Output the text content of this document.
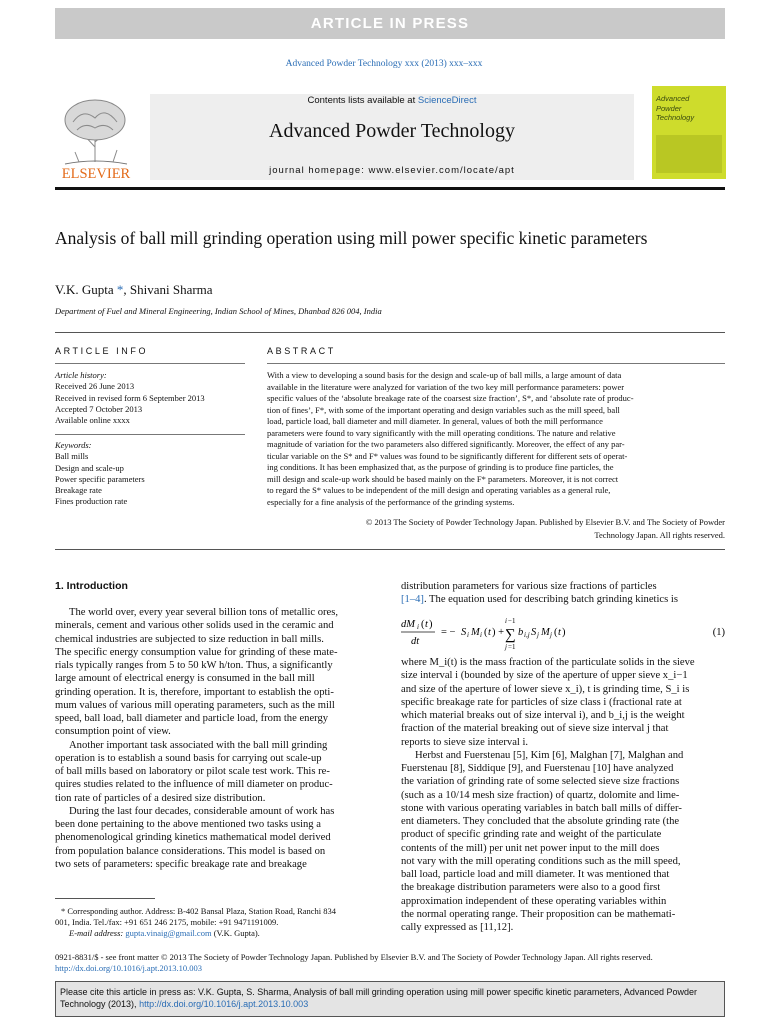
ARTICLE IN PRESS
Advanced Powder Technology xxx (2013) xxx–xxx
ELSEVIER
Contents lists available at ScienceDirect
Advanced Powder Technology
journal homepage: www.elsevier.com/locate/apt
Advanced Powder Technology
Analysis of ball mill grinding operation using mill power specific kinetic parameters
V.K. Gupta *, Shivani Sharma
Department of Fuel and Mineral Engineering, Indian School of Mines, Dhanbad 826 004, India
ARTICLE INFO	ABSTRACT
Article history:
Received 26 June 2013
Received in revised form 6 September 2013
Accepted 7 October 2013
Available online xxxx
Keywords:
Ball mills
Design and scale-up
Power specific parameters
Breakage rate
Fines production rate
With a view to developing a sound basis for the design and scale-up of ball mills, a large amount of data
available in the literature were analyzed for variation of the two key mill performance parameters: power
specific values of the ‘absolute breakage rate of the coarsest size fraction’, S*, and ‘absolute rate of produc-
tion of fines’, F*, with some of the important operating and design variables such as the mill speed, ball
load, particle load, ball diameter and mill diameter. In general, values of both the mill performance
parameters were found to vary significantly with the mill operating conditions. The nature and relative
magnitude of variation for the two parameters also differed significantly. Moreover, the effect of any par-
ticular variable on the S* and F* values was found to be significantly different for different sets of operat-
ing conditions. It has been emphasized that, as the purpose of grinding is to produce fine particles, the
mill design and scale-up work should be based mainly on the F* parameters. Moreover, it is not correct
to regard the S* values to be independent of the mill design and operating variables as a general rule,
especially for a fine analysis of the performance of the grinding systems.
© 2013 The Society of Powder Technology Japan. Published by Elsevier B.V. and The Society of Powder
Technology Japan. All rights reserved.
1. Introduction
The world over, every year several billion tons of metallic ores,
minerals, cement and various other solids used in the ceramic and
chemical industries are subjected to size reduction in ball mills.
The specific energy consumption value for grinding of these mate-
rials typically ranges from 5 to 50 kW h/ton. Thus, a significantly
large amount of electrical energy is consumed in the ball mill
grinding operation. It is, therefore, important to establish the opti-
mum values of various mill operating parameters, such as the mill
speed, ball load, ball diameter and particle load, from the energy
consumption point of view.
Another important task associated with the ball mill grinding
operation is to establish a sound basis for carrying out scale-up
of ball mills based on laboratory or pilot scale test work. This re-
quires studies related to the influence of mill diameter on produc-
tion rate of particles of a desired size distribution.
During the last four decades, considerable amount of work has
been done pertaining to the above mentioned two tasks using a
phenomenological grinding kinetics mathematical model derived
from population balance considerations. This model is based on
two sets of parameters: specific breakage rate and breakage
* Corresponding author. Address: B-402 Bansal Plaza, Station Road, Ranchi 834
001, India. Tel./fax: +91 651 246 2175, mobile: +91 9471191009.
E-mail address: gupta.vinaig@gmail.com (V.K. Gupta).
distribution parameters for various size fractions of particles
[1–4]. The equation used for describing batch grinding kinetics is
dM i ( t )
dt
= − S i M i ( t ) +
i −1
∑
j =1
b i,j S j M j ( t )	(1)
where M_i(t) is the mass fraction of the particulate solids in the sieve
size interval i (bounded by size of the aperture of upper sieve x_i−1
and size of the aperture of lower sieve x_i), t is grinding time, S_i is
specific breakage rate for particles of size class i (fractional rate at
which material breaks out of size interval i), and b_i,j is the weight
fraction of the material breaking out of sieve size interval j that
reports to sieve size interval i.
Herbst and Fuerstenau [5], Kim [6], Malghan [7], Malghan and
Fuerstenau [8], Siddique [9], and Fuerstenau [10] have analyzed
the variation of grinding rate of some selected sieve size fractions
(such as a 10/14 mesh size fraction) of quartz, dolomite and lime-
stone with various operating variables in batch ball mills of differ-
ent diameters. They concluded that the absolute grinding rate (the
product of specific grinding rate and weight of the particulate
contents of the mill) per unit net power input to the mill does
not vary with the mill operating conditions such as the mill speed,
ball load, particle load and mill diameter. It was mentioned that
the breakage distribution parameters were also to a good first
approximation independent of these operating variables within
the normal operating range. Their proposition can be mathemati-
cally expressed as [11,12].
0921-8831/$ - see front matter © 2013 The Society of Powder Technology Japan. Published by Elsevier B.V. and The Society of Powder Technology Japan. All rights reserved.
http://dx.doi.org/10.1016/j.apt.2013.10.003
Please cite this article in press as: V.K. Gupta, S. Sharma, Analysis of ball mill grinding operation using mill power specific kinetic parameters, Advanced Powder Technology (2013), http://dx.doi.org/10.1016/j.apt.2013.10.003
